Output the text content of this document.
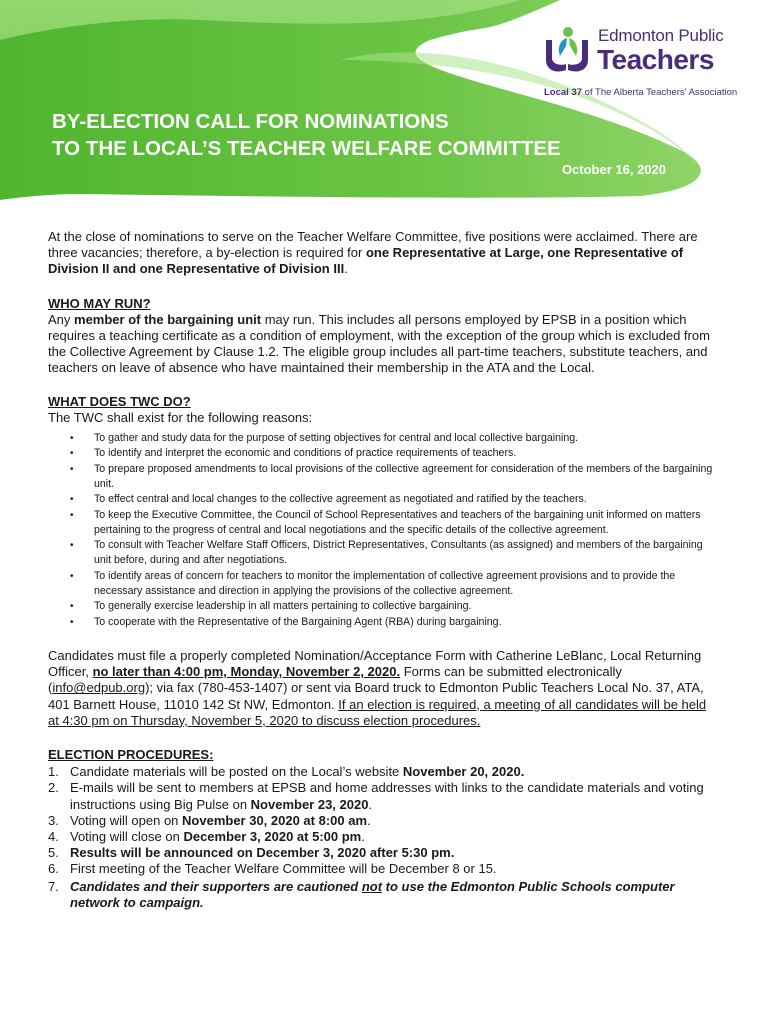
Edmonton Public
Teachers
Local 37 of The Alberta Teachers' Association
BY-ELECTION CALL FOR NOMINATIONS
TO THE LOCAL’S TEACHER WELFARE COMMITTEE
October 16, 2020

At the close of nominations to serve on the Teacher Welfare Committee, five positions were acclaimed. There are three vacancies; therefore, a by-election is required for one Representative at Large, one Representative of Division II and one Representative of Division III.

WHO MAY RUN?

Any member of the bargaining unit may run. This includes all persons employed by EPSB in a position which requires a teaching certificate as a condition of employment, with the exception of the group which is excluded from the Collective Agreement by Clause 1.2. The eligible group includes all part-time teachers, substitute teachers, and teachers on leave of absence who have maintained their membership in the ATA and the Local.

WHAT DOES TWC DO?

The TWC shall exist for the following reasons:

• To gather and study data for the purpose of setting objectives for central and local collective bargaining.
• To identify and interpret the economic and conditions of practice requirements of teachers.
• To prepare proposed amendments to local provisions of the collective agreement for consideration of the members of the bargaining unit.
• To effect central and local changes to the collective agreement as negotiated and ratified by the teachers.
• To keep the Executive Committee, the Council of School Representatives and teachers of the bargaining unit informed on matters pertaining to the progress of central and local negotiations and the specific details of the collective agreement.
• To consult with Teacher Welfare Staff Officers, District Representatives, Consultants (as assigned) and members of the bargaining unit before, during and after negotiations.
• To identify areas of concern for teachers to monitor the implementation of collective agreement provisions and to provide the necessary assistance and direction in applying the provisions of the collective agreement.
• To generally exercise leadership in all matters pertaining to collective bargaining.
• To cooperate with the Representative of the Bargaining Agent (RBA) during bargaining.

Candidates must file a properly completed Nomination/Acceptance Form with Catherine LeBlanc, Local Returning Officer, no later than 4:00 pm, Monday, November 2, 2020. Forms can be submitted electronically (info@edpub.org); via fax (780-453-1407) or sent via Board truck to Edmonton Public Teachers Local No. 37, ATA, 401 Barnett House, 11010 142 St NW, Edmonton. If an election is required, a meeting of all candidates will be held at 4:30 pm on Thursday, November 5, 2020 to discuss election procedures.

ELECTION PROCEDURES:

1. Candidate materials will be posted on the Local’s website November 20, 2020.
2. E-mails will be sent to members at EPSB and home addresses with links to the candidate materials and voting instructions using Big Pulse on November 23, 2020.
3. Voting will open on November 30, 2020 at 8:00 am.
4. Voting will close on December 3, 2020 at 5:00 pm.
5. Results will be announced on December 3, 2020 after 5:30 pm.
6. First meeting of the Teacher Welfare Committee will be December 8 or 15.
7. Candidates and their supporters are cautioned not to use the Edmonton Public Schools computer network to campaign.
